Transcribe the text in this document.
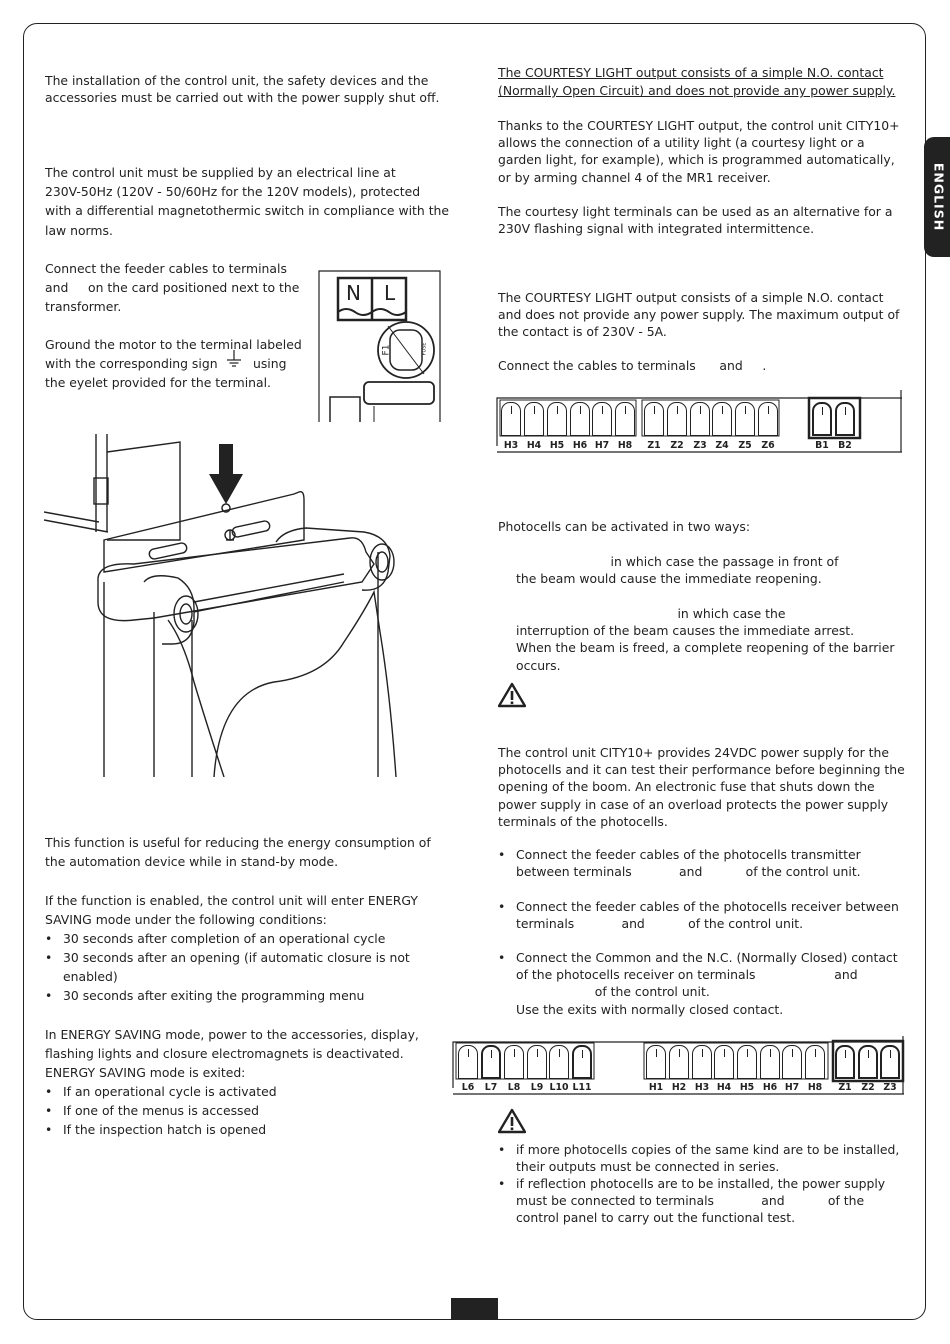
ENGLISH
The installation of the control unit, the safety devices and the
accessories must be carried out with the power supply shut off.
The control unit must be supplied by an electrical line at
230V-50Hz (120V - 50/60Hz for the 120V models), protected
with a differential magnetothermic switch in compliance with the
law norms.
Connect the feeder cables to terminals
and     on the card positioned next to the
transformer.
Ground the motor to the terminal labeled
with the corresponding sign         using
the eyelet provided for the terminal.
N L
F1	FUSE
This function is useful for reducing the energy consumption of
the automation device while in stand-by mode.
If the function is enabled, the control unit will enter ENERGY
SAVING mode under the following conditions:
• 30 seconds after completion of an operational cycle
• 30 seconds after an opening (if automatic closure is not
enabled)
• 30 seconds after exiting the programming menu
In ENERGY SAVING mode, power to the accessories, display,
flashing lights and closure electromagnets is deactivated.
ENERGY SAVING mode is exited:
• If an operational cycle is activated
• If one of the menus is accessed
• If the inspection hatch is opened
The COURTESY LIGHT output consists of a simple N.O. contact
(Normally Open Circuit) and does not provide any power supply.
Thanks to the COURTESY LIGHT output, the control unit CITY10+
allows the connection of a utility light (a courtesy light or a
garden light, for example), which is programmed automatically,
or by arming channel 4 of the MR1 receiver.
The courtesy light terminals can be used as an alternative for a
230V flashing signal with integrated intermittence.
The COURTESY LIGHT output consists of a simple N.O. contact
and does not provide any power supply. The maximum output of
the contact is of 230V - 5A.
Connect the cables to terminals      and     .
H3 H4 H5 H6 H7 H8	Z1	Z2	Z3 Z4	Z5	Z6	B1 B2
Photocells can be activated in two ways:
in which case the passage in front of
the beam would cause the immediate reopening.
in which case the
interruption of the beam causes the immediate arrest.
When the beam is freed, a complete reopening of the barrier
occurs.
The control unit CITY10+ provides 24VDC power supply for the
photocells and it can test their performance before beginning the
opening of the boom. An electronic fuse that shuts down the
power supply in case of an overload protects the power supply
terminals of the photocells.
• Connect the feeder cables of the photocells transmitter
between terminals            and           of the control unit.
• Connect the feeder cables of the photocells receiver between
terminals            and           of the control unit.
• Connect the Common and the N.C. (Normally Closed) contact
of the photocells receiver on terminals                    and
of the control unit.
Use the exits with normally closed contact.
L6	L7	L8	L9 L10 L11	H1 H2 H3 H4 H5 H6 H7 H8	Z1	Z2 Z3
• if more photocells copies of the same kind are to be installed,
their outputs must be connected in series.
• if reflection photocells are to be installed, the power supply
must be connected to terminals            and           of the
control panel to carry out the functional test.
